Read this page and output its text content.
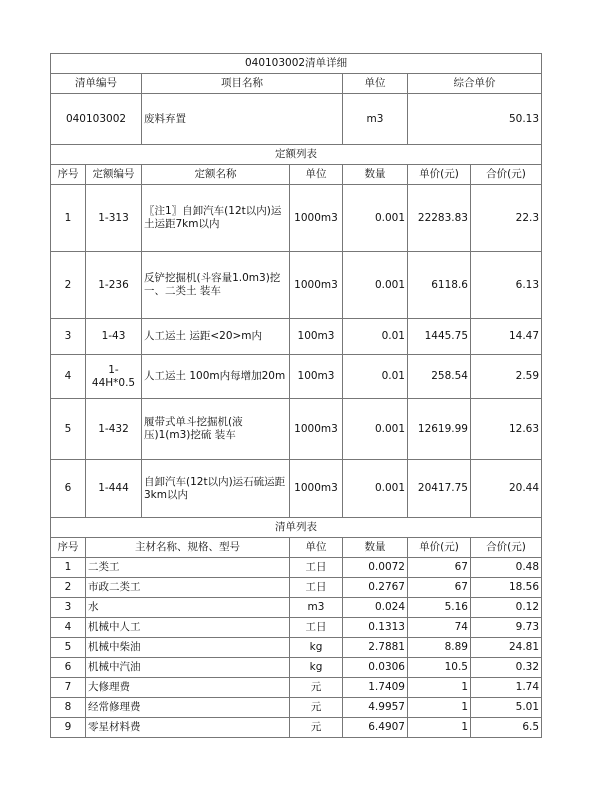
040103002清单详细						
清单编号		项目名称		单位	综合单价	
040103002		废料弃置		m3	50.13	
定额列表						
序号	定额编号	定额名称	单位	数量	单价(元)	合价(元)
1	1-313	〖注1〗自卸汽车(12t以内)运土运距7km以内	1000m3	0.001	22283.83	22.3
2	1-236	反铲挖掘机(斗容量1.0m3)挖一、二类土 装车	1000m3	0.001	6118.6	6.13
3	1-43	人工运土 运距<20>m内	100m3	0.01	1445.75	14.47
4	1-44H*0.5	人工运土 100m内每增加20m	100m3	0.01	258.54	2.59
5	1-432	履带式单斗挖掘机(液压)1(m3)挖硫 装车	1000m3	0.001	12619.99	12.63
6	1-444	自卸汽车(12t以内)运石硫运距3km以内	1000m3	0.001	20417.75	20.44
清单列表						
序号	主材名称、规格、型号		单位	数量	单价(元)	合价(元)
1	二类工		工日	0.0072	67	0.48
2	市政二类工		工日	0.2767	67	18.56
3	水		m3	0.024	5.16	0.12
4	机械中人工		工日	0.1313	74	9.73
5	机械中柴油		kg	2.7881	8.89	24.81
6	机械中汽油		kg	0.0306	10.5	0.32
7	大修理费		元	1.7409	1	1.74
8	经常修理费		元	4.9957	1	5.01
9	零星材料费		元	6.4907	1	6.5
